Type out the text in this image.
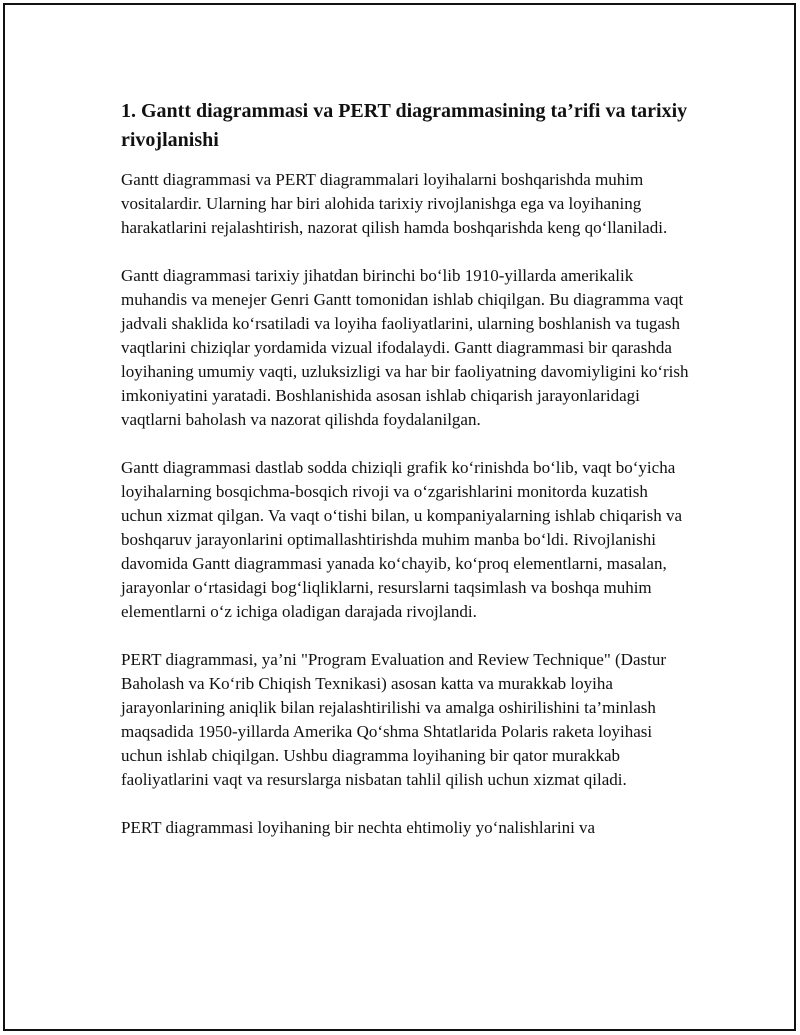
1. Gantt diagrammasi va PERT diagrammasining ta’rifi va tarixiy rivojlanishi

Gantt diagrammasi va PERT diagrammalari loyihalarni boshqarishda muhim vositalardir. Ularning har biri alohida tarixiy rivojlanishga ega va loyihaning harakatlarini rejalashtirish, nazorat qilish hamda boshqarishda keng qo‘llaniladi.

Gantt diagrammasi tarixiy jihatdan birinchi bo‘lib 1910-yillarda amerikalik muhandis va menejer Genri Gantt tomonidan ishlab chiqilgan. Bu diagramma vaqt jadvali shaklida ko‘rsatiladi va loyiha faoliyatlarini, ularning boshlanish va tugash vaqtlarini chiziqlar yordamida vizual ifodalaydi. Gantt diagrammasi bir qarashda loyihaning umumiy vaqti, uzluksizligi va har bir faoliyatning davomiyligini ko‘rish imkoniyatini yaratadi. Boshlanishida asosan ishlab chiqarish jarayonlaridagi vaqtlarni baholash va nazorat qilishda foydalanilgan.

Gantt diagrammasi dastlab sodda chiziqli grafik ko‘rinishda bo‘lib, vaqt bo‘yicha loyihalarning bosqichma-bosqich rivoji va o‘zgarishlarini monitorda kuzatish uchun xizmat qilgan. Va vaqt o‘tishi bilan, u kompaniyalarning ishlab chiqarish va boshqaruv jarayonlarini optimallashtirishda muhim manba bo‘ldi. Rivojlanishi davomida Gantt diagrammasi yanada ko‘chayib, ko‘proq elementlarni, masalan, jarayonlar o‘rtasidagi bog‘liqliklarni, resurslarni taqsimlash va boshqa muhim elementlarni o‘z ichiga oladigan darajada rivojlandi.

PERT diagrammasi, ya’ni "Program Evaluation and Review Technique" (Dastur Baholash va Ko‘rib Chiqish Texnikasi) asosan katta va murakkab loyiha jarayonlarining aniqlik bilan rejalashtirilishi va amalga oshirilishini ta’minlash maqsadida 1950-yillarda Amerika Qo‘shma Shtatlarida Polaris raketa loyihasi uchun ishlab chiqilgan. Ushbu diagramma loyihaning bir qator murakkab faoliyatlarini vaqt va resurslarga nisbatan tahlil qilish uchun xizmat qiladi.

PERT diagrammasi loyihaning bir nechta ehtimoliy yo‘nalishlarini va
